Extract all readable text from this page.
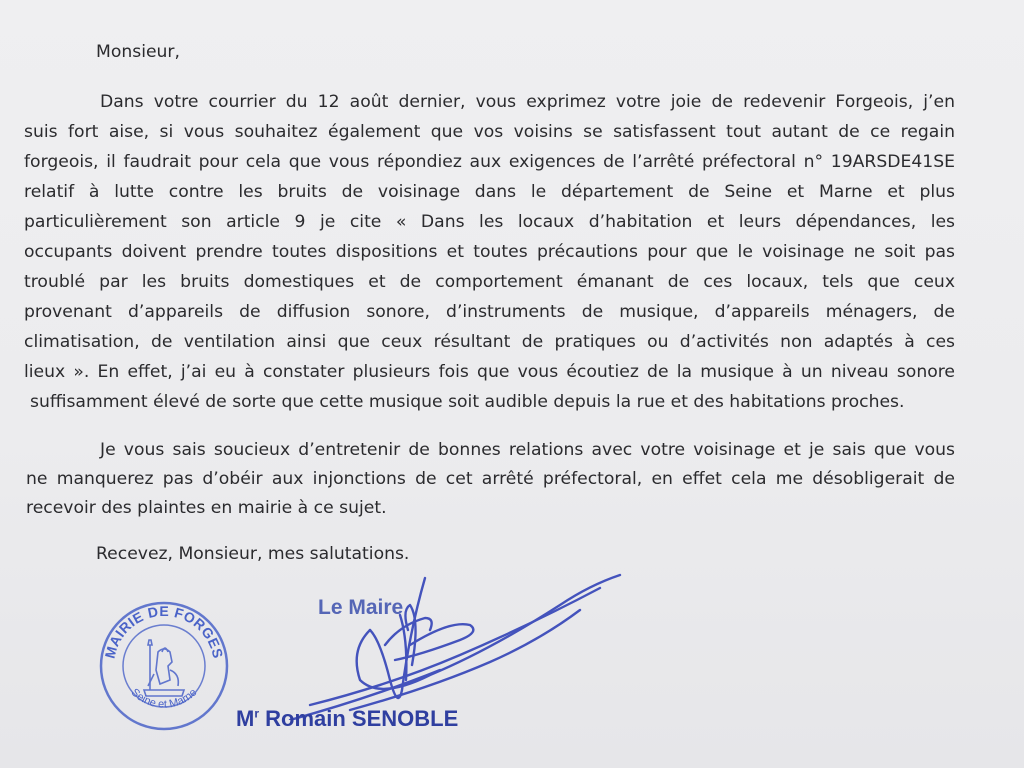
Monsieur,
Dans votre courrier du 12 août dernier, vous exprimez votre joie de redevenir Forgeois, j’en
suis fort aise, si vous souhaitez également que vos voisins se satisfassent tout autant de ce regain
forgeois, il faudrait pour cela que vous répondiez aux exigences de l’arrêté préfectoral n° 19ARSDE41SE
relatif à lutte contre les bruits de voisinage dans le département de Seine et Marne et plus
particulièrement son article 9 je cite « Dans les locaux d’habitation et leurs dépendances, les
occupants doivent prendre toutes dispositions et toutes précautions pour que le voisinage ne soit pas
troublé par les bruits domestiques et de comportement émanant de ces locaux, tels que ceux
provenant d’appareils de diffusion sonore, d’instruments de musique, d’appareils ménagers, de
climatisation, de ventilation ainsi que ceux résultant de pratiques ou d’activités non adaptés à ces
lieux ». En effet, j’ai eu à constater plusieurs fois que vous écoutiez de la musique à un niveau sonore
suffisamment élevé de sorte que cette musique soit audible depuis la rue et des habitations proches.
Je vous sais soucieux d’entretenir de bonnes relations avec votre voisinage et je sais que vous
ne manquerez pas d’obéir aux injonctions de cet arrêté préfectoral, en effet cela me désobligerait de
recevoir des plaintes en mairie à ce sujet.
Recevez, Monsieur, mes salutations.
MAIRIE DE FORGES
Seine et Marne
Le Maire
$M^r$ Romain SENOBLE
